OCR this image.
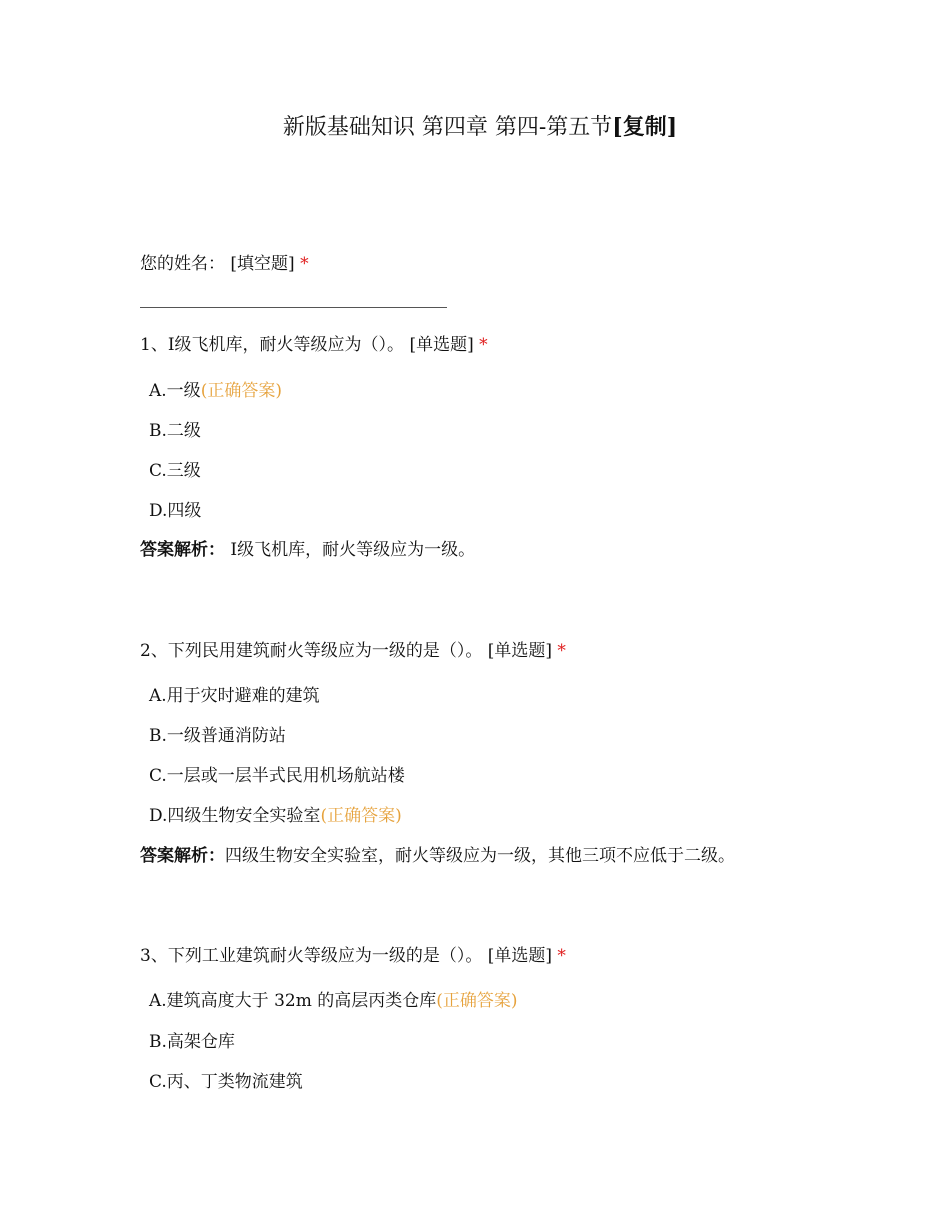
新版基础知识 第四章 第四-第五节[复制]
您的姓名： [填空题] *
1、Ⅰ级飞机库，耐火等级应为（）。 [单选题] *
A.一级(正确答案)
B.二级
C.三级
D.四级
答案解析： Ⅰ级飞机库，耐火等级应为一级。
2、下列民用建筑耐火等级应为一级的是（）。 [单选题] *
A.用于灾时避难的建筑
B.一级普通消防站
C.一层或一层半式民用机场航站楼
D.四级生物安全实验室(正确答案)
答案解析：四级生物安全实验室，耐火等级应为一级，其他三项不应低于二级。
3、下列工业建筑耐火等级应为一级的是（）。 [单选题] *
A.建筑高度大于 32m 的高层丙类仓库(正确答案)
B.高架仓库
C.丙、丁类物流建筑
